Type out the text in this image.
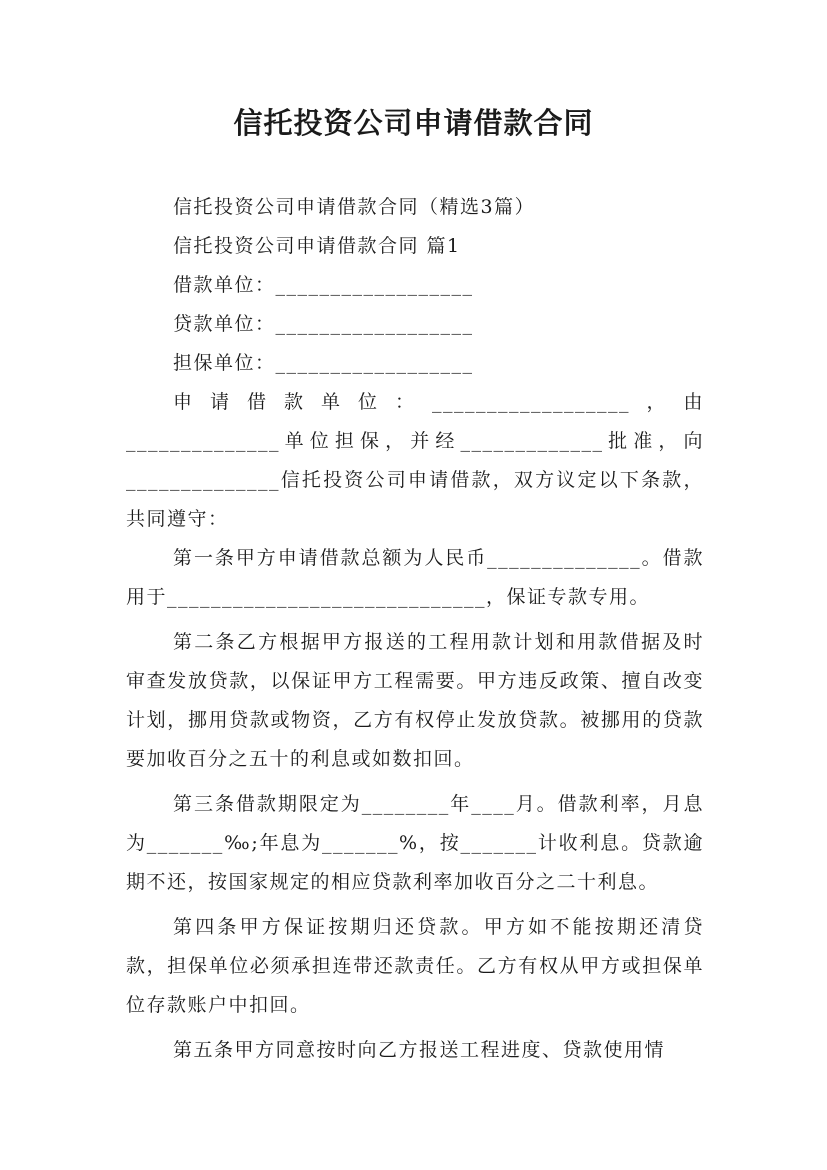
信托投资公司申请借款合同

信托投资公司申请借款合同（精选3篇）

信托投资公司申请借款合同 篇1

借款单位：__________________

贷款单位：__________________

担保单位：__________________

申请借款单位：__________________，由______________单位担保，并经_____________批准，向______________信托投资公司申请借款，双方议定以下条款，共同遵守：

第一条甲方申请借款总额为人民币______________。借款用于_____________________________，保证专款专用。

第二条乙方根据甲方报送的工程用款计划和用款借据及时审查发放贷款，以保证甲方工程需要。甲方违反政策、擅自改变计划，挪用贷款或物资，乙方有权停止发放贷款。被挪用的贷款要加收百分之五十的利息或如数扣回。

第三条借款期限定为________年____月。借款利率，月息为_______‰;年息为_______%，按_______计收利息。贷款逾期不还，按国家规定的相应贷款利率加收百分之二十利息。

第四条甲方保证按期归还贷款。甲方如不能按期还清贷款，担保单位必须承担连带还款责任。乙方有权从甲方或担保单位存款账户中扣回。

第五条甲方同意按时向乙方报送工程进度、贷款使用情
